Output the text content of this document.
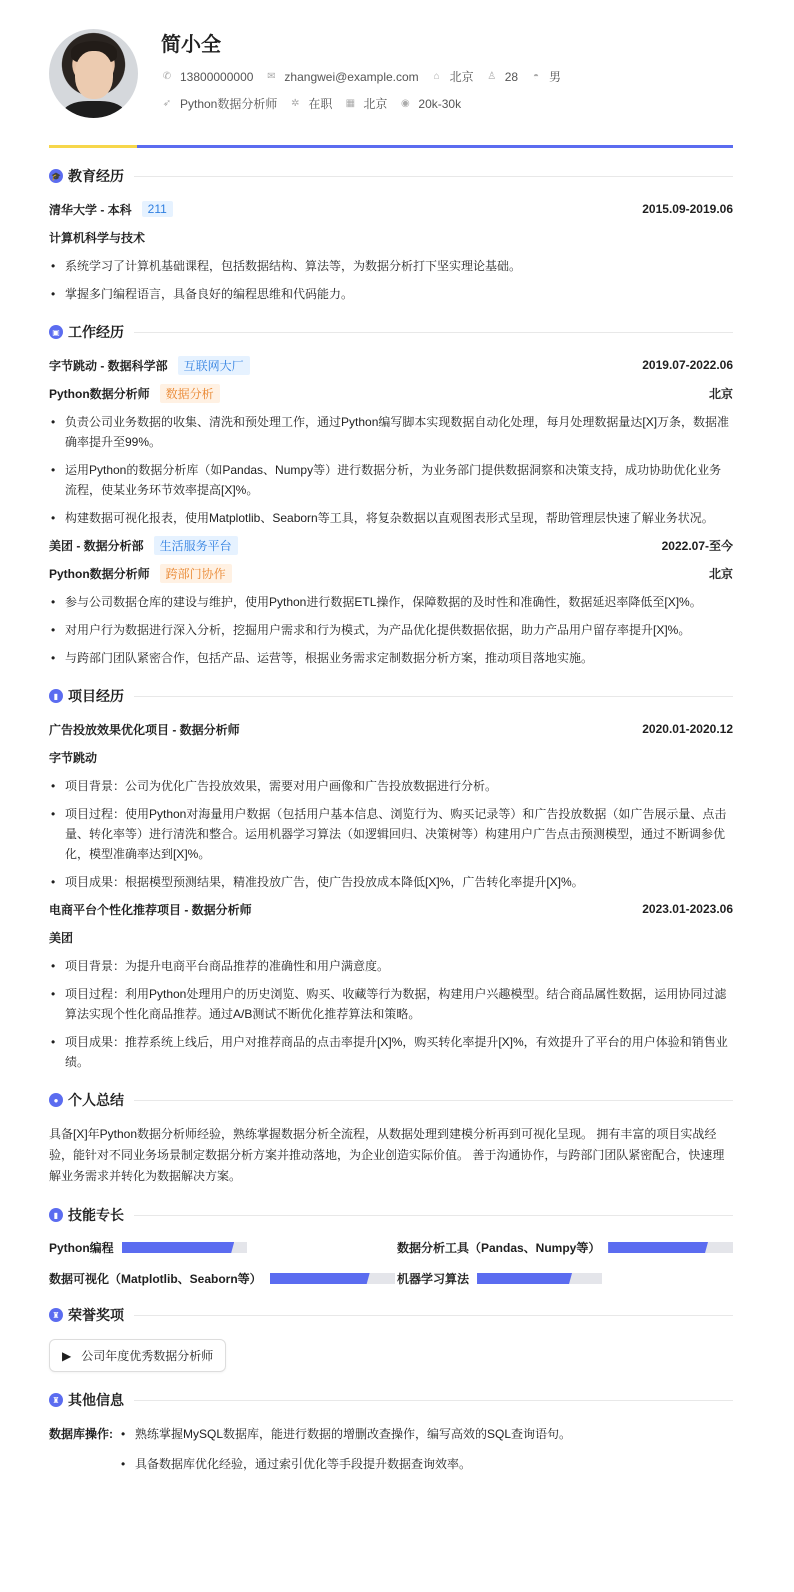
简小全
✆ 13800000000 ✉ zhangwei@example.com ⌂ 北京 ♙ 28 ◓ 男
➶ Python数据分析师 ✲ 在职 ▦ 北京 ◉ 20k-30k
🎓 教育经历
清华大学 - 本科	211	2015.09-2019.06
计算机科学与技术
• 系统学习了计算机基础课程，包括数据结构、算法等，为数据分析打下坚实理论基础。
• 掌握多门编程语言，具备良好的编程思维和代码能力。
▣ 工作经历
字节跳动 - 数据科学部	互联网大厂	2019.07-2022.06
Python数据分析师	数据分析	北京
• 负责公司业务数据的收集、清洗和预处理工作，通过Python编写脚本实现数据自动化处理，每月处理数据量达[X]万条，数据准确率提升至99%。
• 运用Python的数据分析库（如Pandas、Numpy等）进行数据分析，为业务部门提供数据洞察和决策支持，成功协助优化业务流程，使某业务环节效率提高[X]%。
• 构建数据可视化报表，使用Matplotlib、Seaborn等工具，将复杂数据以直观图表形式呈现，帮助管理层快速了解业务状况。
美团 - 数据分析部	生活服务平台	2022.07-至今
Python数据分析师	跨部门协作	北京
• 参与公司数据仓库的建设与维护，使用Python进行数据ETL操作，保障数据的及时性和准确性，数据延迟率降低至[X]%。
• 对用户行为数据进行深入分析，挖掘用户需求和行为模式，为产品优化提供数据依据，助力产品用户留存率提升[X]%。
• 与跨部门团队紧密合作，包括产品、运营等，根据业务需求定制数据分析方案，推动项目落地实施。
▮ 项目经历
广告投放效果优化项目 - 数据分析师	2020.01-2020.12
字节跳动
• 项目背景：公司为优化广告投放效果，需要对用户画像和广告投放数据进行分析。
• 项目过程：使用Python对海量用户数据（包括用户基本信息、浏览行为、购买记录等）和广告投放数据（如广告展示量、点击量、转化率等）进行清洗和整合。运用机器学习算法（如逻辑回归、决策树等）构建用户广告点击预测模型，通过不断调参优化，模型准确率达到[X]%。
• 项目成果：根据模型预测结果，精准投放广告，使广告投放成本降低[X]%，广告转化率提升[X]%。
电商平台个性化推荐项目 - 数据分析师	2023.01-2023.06
美团
• 项目背景：为提升电商平台商品推荐的准确性和用户满意度。
• 项目过程：利用Python处理用户的历史浏览、购买、收藏等行为数据，构建用户兴趣模型。结合商品属性数据，运用协同过滤算法实现个性化商品推荐。通过A/B测试不断优化推荐算法和策略。
• 项目成果：推荐系统上线后，用户对推荐商品的点击率提升[X]%，购买转化率提升[X]%，有效提升了平台的用户体验和销售业绩。
● 个人总结

具备[X]年Python数据分析师经验，熟练掌握数据分析全流程，从数据处理到建模分析再到可视化呈现。 拥有丰富的项目实战经验，能针对不同业务场景制定数据分析方案并推动落地，为企业创造实际价值。 善于沟通协作，与跨部门团队紧密配合，快速理解业务需求并转化为数据解决方案。

▮ 技能专长
Python编程	数据分析工具（Pandas、Numpy等）
数据可视化（Matplotlib、Seaborn等）	机器学习算法
♜ 荣誉奖项
▶ 公司年度优秀数据分析师
♜ 其他信息
数据库操作:	• 熟练掌握MySQL数据库，能进行数据的增删改查操作，编写高效的SQL查询语句。
• 具备数据库优化经验，通过索引优化等手段提升数据查询效率。
